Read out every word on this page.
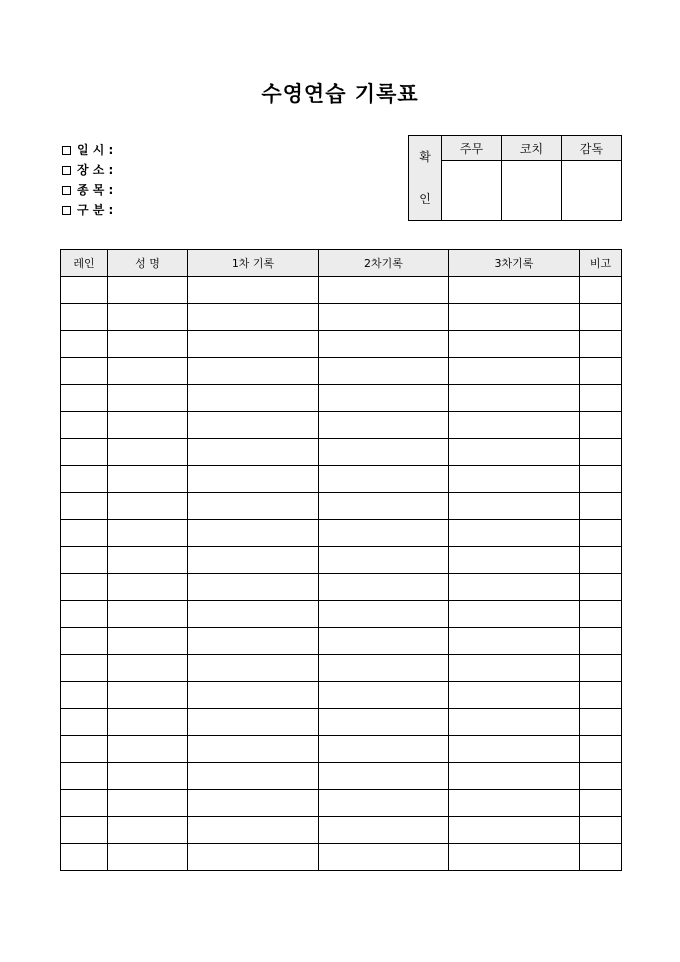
수영연습 기록표
일 시 :
장 소 :
종 목 :
구 분 :
확
인	주무	코치	감독

레인	성 명	1차 기록	2차기록	3차기록	비고
